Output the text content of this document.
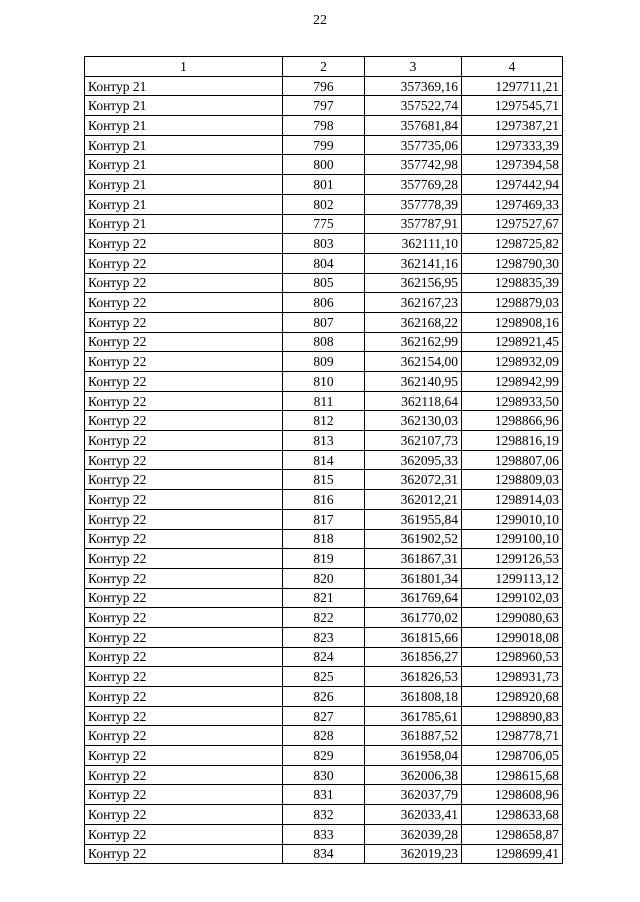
22
1	2	3	4
Контур 21	796	357369,16	1297711,21
Контур 21	797	357522,74	1297545,71
Контур 21	798	357681,84	1297387,21
Контур 21	799	357735,06	1297333,39
Контур 21	800	357742,98	1297394,58
Контур 21	801	357769,28	1297442,94
Контур 21	802	357778,39	1297469,33
Контур 21	775	357787,91	1297527,67
Контур 22	803	362111,10	1298725,82
Контур 22	804	362141,16	1298790,30
Контур 22	805	362156,95	1298835,39
Контур 22	806	362167,23	1298879,03
Контур 22	807	362168,22	1298908,16
Контур 22	808	362162,99	1298921,45
Контур 22	809	362154,00	1298932,09
Контур 22	810	362140,95	1298942,99
Контур 22	811	362118,64	1298933,50
Контур 22	812	362130,03	1298866,96
Контур 22	813	362107,73	1298816,19
Контур 22	814	362095,33	1298807,06
Контур 22	815	362072,31	1298809,03
Контур 22	816	362012,21	1298914,03
Контур 22	817	361955,84	1299010,10
Контур 22	818	361902,52	1299100,10
Контур 22	819	361867,31	1299126,53
Контур 22	820	361801,34	1299113,12
Контур 22	821	361769,64	1299102,03
Контур 22	822	361770,02	1299080,63
Контур 22	823	361815,66	1299018,08
Контур 22	824	361856,27	1298960,53
Контур 22	825	361826,53	1298931,73
Контур 22	826	361808,18	1298920,68
Контур 22	827	361785,61	1298890,83
Контур 22	828	361887,52	1298778,71
Контур 22	829	361958,04	1298706,05
Контур 22	830	362006,38	1298615,68
Контур 22	831	362037,79	1298608,96
Контур 22	832	362033,41	1298633,68
Контур 22	833	362039,28	1298658,87
Контур 22	834	362019,23	1298699,41
